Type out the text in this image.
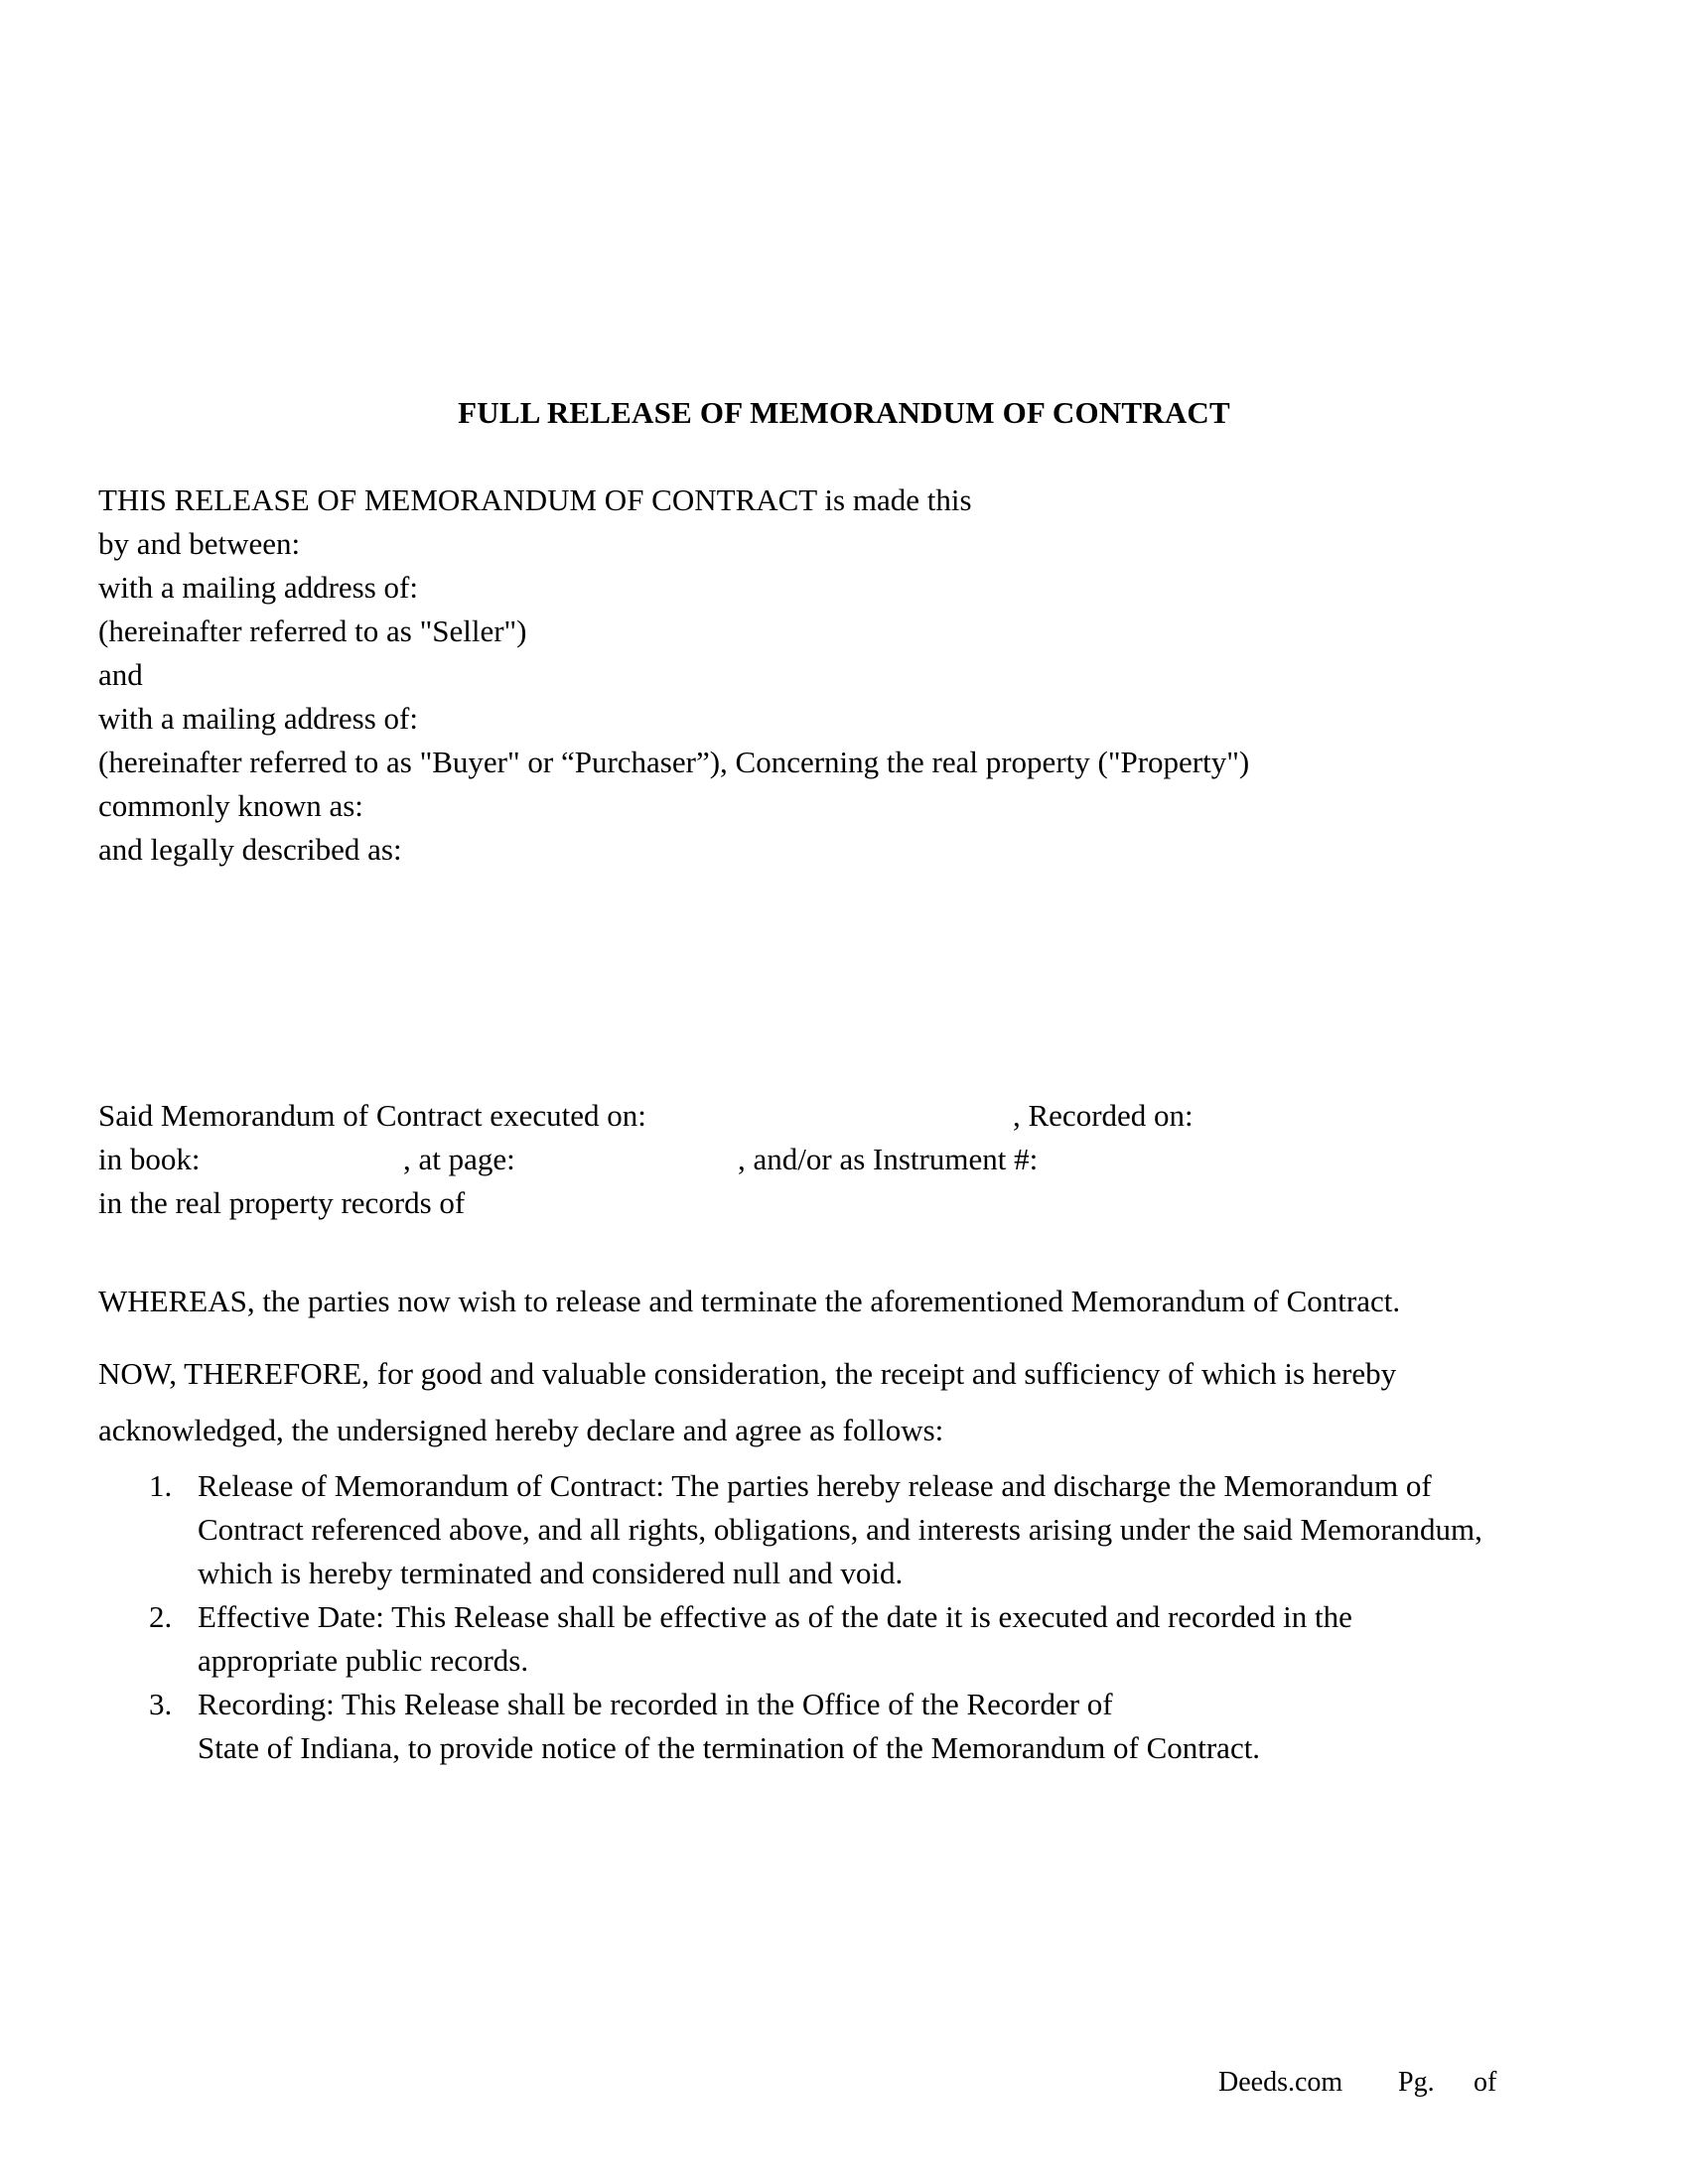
FULL RELEASE OF MEMORANDUM OF CONTRACT
THIS RELEASE OF MEMORANDUM OF CONTRACT is made this
by and between:
with a mailing address of:
(hereinafter referred to as "Seller")
and
with a mailing address of:
(hereinafter referred to as "Buyer" or “Purchaser”), Concerning the real property ("Property")
commonly known as:
and legally described as:
Said Memorandum of Contract executed on:	, Recorded on:
in book:	, at page:	, and/or as Instrument #:
in the real property records of
WHEREAS, the parties now wish to release and terminate the aforementioned Memorandum of Contract.
NOW, THEREFORE, for good and valuable consideration, the receipt and sufficiency of which is hereby
acknowledged, the undersigned hereby declare and agree as follows:
1. Release of Memorandum of Contract: The parties hereby release and discharge the Memorandum of
Contract referenced above, and all rights, obligations, and interests arising under the said Memorandum,
which is hereby terminated and considered null and void.
2. Effective Date: This Release shall be effective as of the date it is executed and recorded in the
appropriate public records.
3. Recording: This Release shall be recorded in the Office of the Recorder of
State of Indiana, to provide notice of the termination of the Memorandum of Contract.
Deeds.com Pg. of
